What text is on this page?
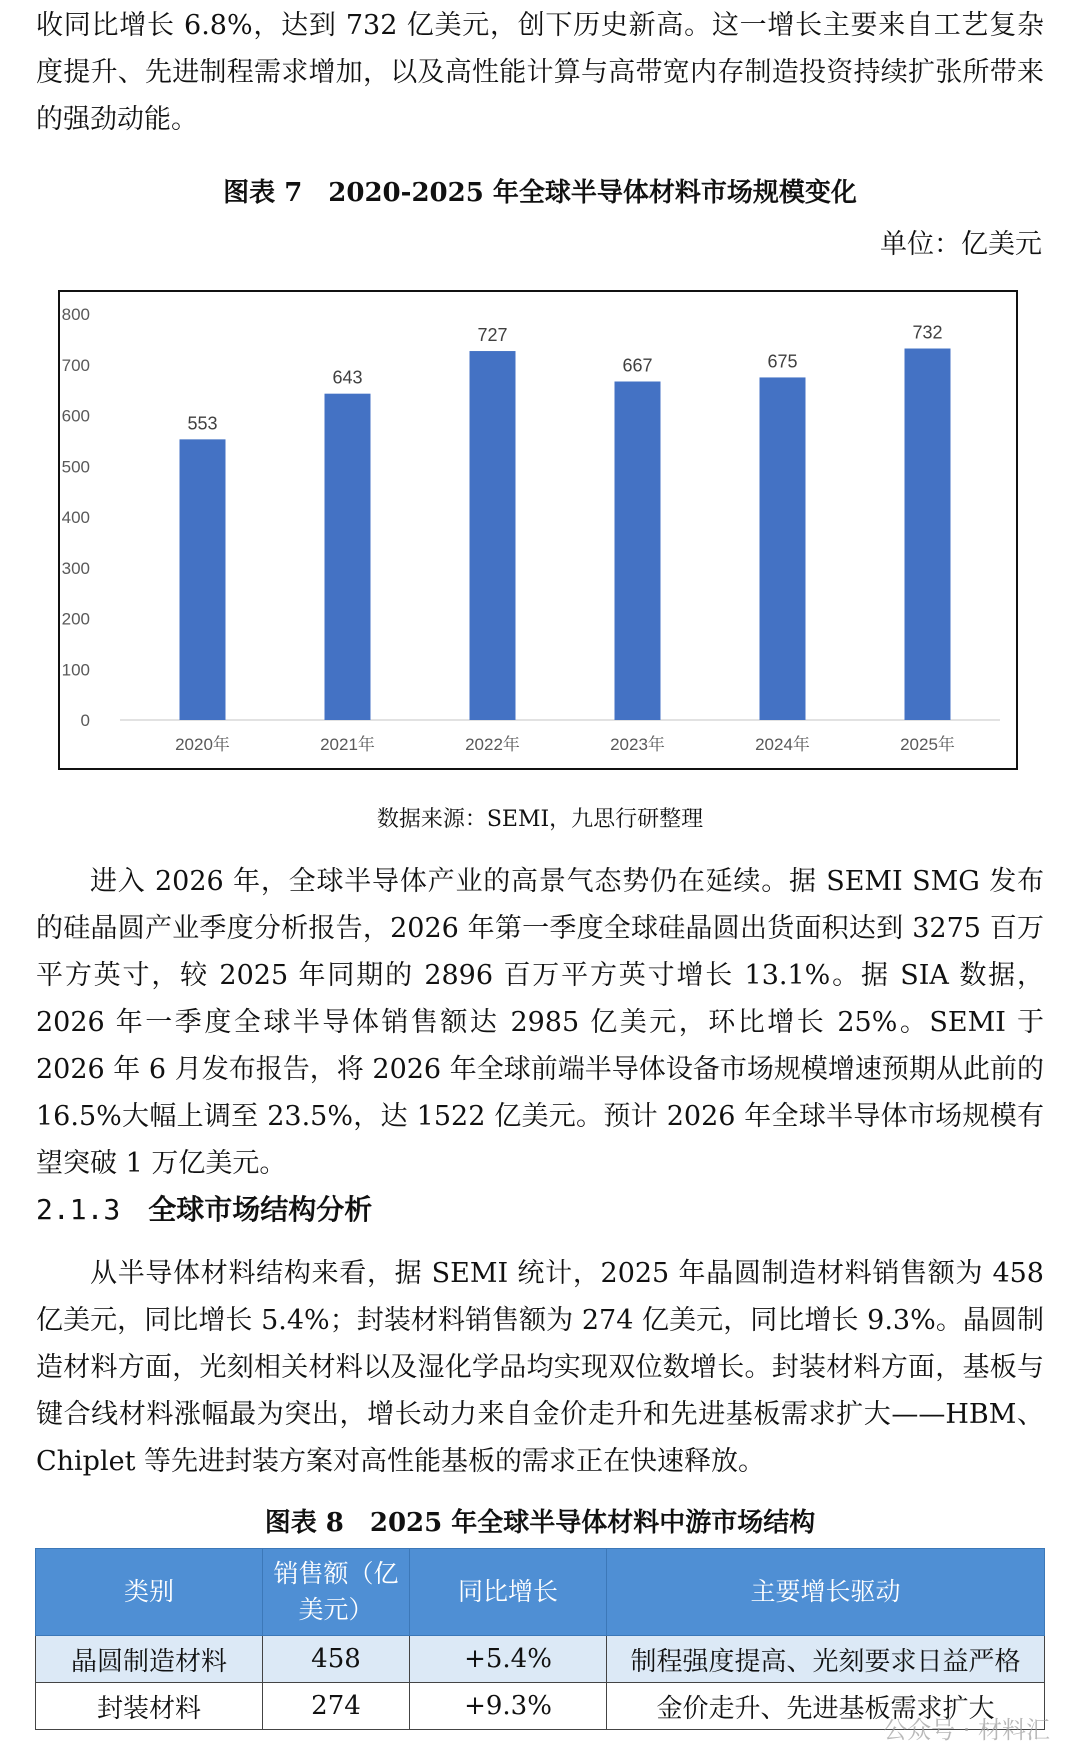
收同比增长 6.8%，达到 732 亿美元，创下历史新高。这一增长主要来自工艺复杂度提升、先进制程需求增加，以及高性能计算与高带宽内存制造投资持续扩张所带来的强劲动能。

图表 7　2020-2025 年全球半导体材料市场规模变化

单位：亿美元
0
100
200
300
400
500
600
700
800
553
2020年
643
2021年
727
2022年
667
2023年
675
2024年
732
2025年
数据来源：SEMI，九思行研整理

进入 2026 年，全球半导体产业的高景气态势仍在延续。据 SEMI SMG 发布的硅晶圆产业季度分析报告，2026 年第一季度全球硅晶圆出货面积达到 3275 百万平方英寸，较 2025 年同期的 2896 百万平方英寸增长 13.1%。据 SIA 数据，2026 年一季度全球半导体销售额达 2985 亿美元，环比增长 25%。SEMI 于 2026 年 6 月发布报告，将 2026 年全球前端半导体设备市场规模增速预期从此前的 16.5%大幅上调至 23.5%，达 1522 亿美元。预计 2026 年全球半导体市场规模有望突破 1 万亿美元。

2.1.3 全球市场结构分析

从半导体材料结构来看，据 SEMI 统计，2025 年晶圆制造材料销售额为 458 亿美元，同比增长 5.4%；封装材料销售额为 274 亿美元，同比增长 9.3%。晶圆制造材料方面，光刻相关材料以及湿化学品均实现双位数增长。封装材料方面，基板与键合线材料涨幅最为突出，增长动力来自金价走升和先进基板需求扩大——HBM、Chiplet 等先进封装方案对高性能基板的需求正在快速释放。

图表 8　2025 年全球半导体材料中游市场结构

类别	销售额（亿美元）	同比增长	主要增长驱动
晶圆制造材料	458	+5.4%	制程强度提高、光刻要求日益严格
封装材料	274	+9.3%	金价走升、先进基板需求扩大
公众号 · 材料汇
